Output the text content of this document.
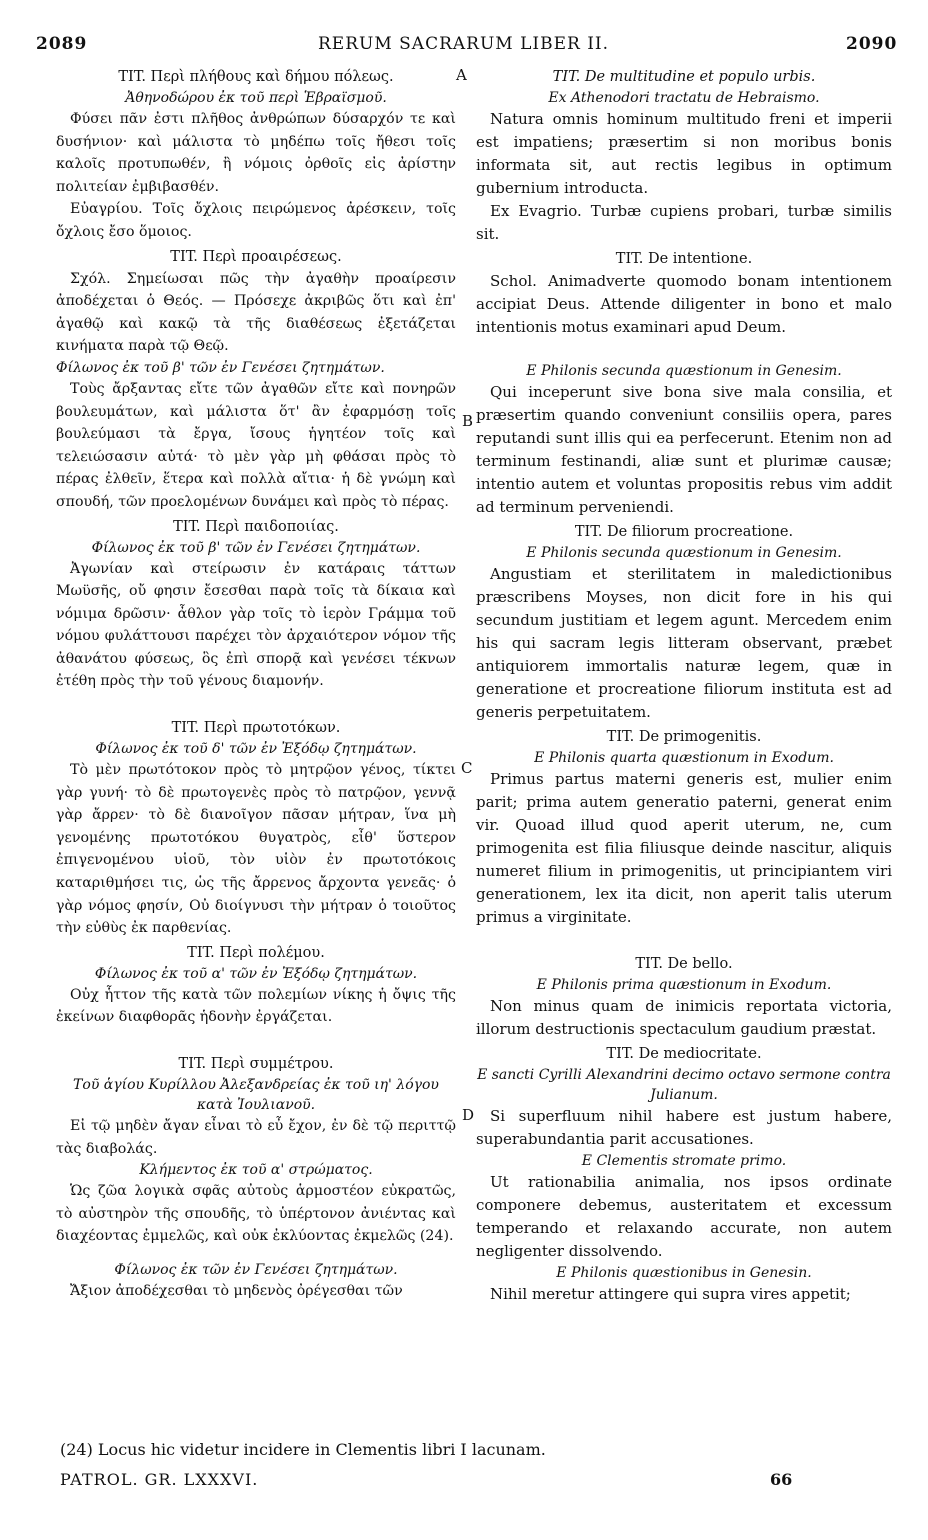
2089	RERUM SACRARUM LIBER II.	2090
A
B
C
D

TIT. Περὶ πλήθους καὶ δήμου πόλεως.

Ἀθηνοδώρου ἐκ τοῦ περὶ Ἑβραϊσμοῦ.

Φύσει πᾶν ἐστι πλῆθος ἀνθρώπων δύσαρχόν τε καὶ δυσήνιον· καὶ μάλιστα τὸ μηδέπω τοῖς ἤθεσι τοῖς καλοῖς προτυπωθέν, ἢ νόμοις ὀρθοῖς εἰς ἀρίστην πολιτείαν ἐμβιβασθέν.

Εὐαγρίου. Τοῖς ὄχλοις πειρώμενος ἀρέσκειν, τοῖς ὄχλοις ἔσο ὅμοιος.

TIT. Περὶ προαιρέσεως.

Σχόλ. Σημείωσαι πῶς τὴν ἀγαθὴν προαίρεσιν ἀποδέχεται ὁ Θεός. — Πρόσεχε ἀκριβῶς ὅτι καὶ ἐπ' ἀγαθῷ καὶ κακῷ τὰ τῆς διαθέσεως ἐξετάζεται κινήματα παρὰ τῷ Θεῷ.

Φίλωνος ἐκ τοῦ β' τῶν ἐν Γενέσει ζητημάτων.

Τοὺς ἄρξαντας εἴτε τῶν ἀγαθῶν εἴτε καὶ πονηρῶν βουλευμάτων, καὶ μάλιστα ὅτ' ἂν ἐφαρμόσῃ τοῖς βουλεύμασι τὰ ἔργα, ἴσους ἡγητέον τοῖς καὶ τελειώσασιν αὐτά· τὸ μὲν γὰρ μὴ φθάσαι πρὸς τὸ πέρας ἐλθεῖν, ἕτερα καὶ πολλὰ αἴτια· ἡ δὲ γνώμη καὶ σπουδή, τῶν προελομένων δυνάμει καὶ πρὸς τὸ πέρας.

TIT. Περὶ παιδοποιίας.

Φίλωνος ἐκ τοῦ β' τῶν ἐν Γενέσει ζητημάτων.

Ἀγωνίαν καὶ στείρωσιν ἐν κατάραις τάττων Μωϋσῆς, οὔ φησιν ἔσεσθαι παρὰ τοῖς τὰ δίκαια καὶ νόμιμα δρῶσιν· ἆθλον γὰρ τοῖς τὸ ἱερὸν Γράμμα τοῦ νόμου φυλάττουσι παρέχει τὸν ἀρχαιότερον νόμον τῆς ἀθανάτου φύσεως, ὃς ἐπὶ σπορᾷ καὶ γενέσει τέκνων ἐτέθη πρὸς τὴν τοῦ γένους διαμονήν.

TIT. Περὶ πρωτοτόκων.

Φίλωνος ἐκ τοῦ δ' τῶν ἐν Ἐξόδῳ ζητημάτων.

Τὸ μὲν πρωτότοκον πρὸς τὸ μητρῷον γένος, τίκτει γὰρ γυνή· τὸ δὲ πρωτογενὲς πρὸς τὸ πατρῷον, γεννᾷ γὰρ ἄρρεν· τὸ δὲ διανοῖγον πᾶσαν μήτραν, ἵνα μὴ γενομένης πρωτοτόκου θυγατρὸς, εἶθ' ὕστερον ἐπιγενομένου υἱοῦ, τὸν υἱὸν ἐν πρωτοτόκοις καταριθμήσει τις, ὡς τῆς ἄρρενος ἄρχοντα γενεᾶς· ὁ γὰρ νόμος φησίν, Οὐ διοίγνυσι τὴν μήτραν ὁ τοιοῦτος τὴν εὐθὺς ἐκ παρθενίας.

TIT. Περὶ πολέμου.

Φίλωνος ἐκ τοῦ α' τῶν ἐν Ἐξόδῳ ζητημάτων.

Οὐχ ἧττον τῆς κατὰ τῶν πολεμίων νίκης ἡ ὄψις τῆς ἐκείνων διαφθορᾶς ἡδονὴν ἐργάζεται.

TIT. Περὶ συμμέτρου.

Τοῦ ἁγίου Κυρίλλου Ἀλεξανδρείας ἐκ τοῦ ιη' λόγου κατὰ Ἰουλιανοῦ.

Εἰ τῷ μηδὲν ἄγαν εἶναι τὸ εὖ ἔχον, ἐν δὲ τῷ περιττῷ τὰς διαβολάς.

Κλήμεντος ἐκ τοῦ α' στρώματος.

Ὡς ζῶα λογικὰ σφᾶς αὐτοὺς ἁρμοστέον εὐκρατῶς, τὸ αὐστηρὸν τῆς σπουδῆς, τὸ ὑπέρτονον ἀνιέντας καὶ διαχέοντας ἐμμελῶς, καὶ οὐκ ἐκλύοντας ἐκμελῶς (24).

Φίλωνος ἐκ τῶν ἐν Γενέσει ζητημάτων.

Ἄξιον ἀποδέχεσθαι τὸ μηδενὸς ὀρέγεσθαι τῶν

TIT. De multitudine et populo urbis.

Ex Athenodori tractatu de Hebraismo.

Natura omnis hominum multitudo freni et imperii est impatiens; præsertim si non moribus bonis informata sit, aut rectis legibus in optimum gubernium introducta.

Ex Evagrio. Turbæ cupiens probari, turbæ similis sit.

TIT. De intentione.

Schol. Animadverte quomodo bonam intentionem accipiat Deus. Attende diligenter in bono et malo intentionis motus examinari apud Deum.

E Philonis secunda quæstionum in Genesim.

Qui inceperunt sive bona sive mala consilia, et præsertim quando conveniunt consiliis opera, pares reputandi sunt illis qui ea perfecerunt. Etenim non ad terminum festinandi, aliæ sunt et plurimæ causæ; intentio autem et voluntas propositis rebus vim addit ad terminum perveniendi.

TIT. De filiorum procreatione.

E Philonis secunda quæstionum in Genesim.

Angustiam et sterilitatem in maledictionibus præscribens Moyses, non dicit fore in his qui secundum justitiam et legem agunt. Mercedem enim his qui sacram legis litteram observant, præbet antiquiorem immortalis naturæ legem, quæ in generatione et procreatione filiorum instituta est ad generis perpetuitatem.

TIT. De primogenitis.

E Philonis quarta quæstionum in Exodum.

Primus partus materni generis est, mulier enim parit; prima autem generatio paterni, generat enim vir. Quoad illud quod aperit uterum, ne, cum primogenita est filia filiusque deinde nascitur, aliquis numeret filium in primogenitis, ut principiantem viri generationem, lex ita dicit, non aperit talis uterum primus a virginitate.

TIT. De bello.

E Philonis prima quæstionum in Exodum.

Non minus quam de inimicis reportata victoria, illorum destructionis spectaculum gaudium præstat.

TIT. De mediocritate.

E sancti Cyrilli Alexandrini decimo octavo sermone contra Julianum.

Si superfluum nihil habere est justum habere, superabundantia parit accusationes.

E Clementis stromate primo.

Ut rationabilia animalia, nos ipsos ordinate componere debemus, austeritatem et excessum temperando et relaxando accurate, non autem negligenter dissolvendo.

E Philonis quæstionibus in Genesin.

Nihil meretur attingere qui supra vires appetit;

(24) Locus hic videtur incidere in Clementis libri I lacunam.
PATROL. GR. LXXXVI.	66
